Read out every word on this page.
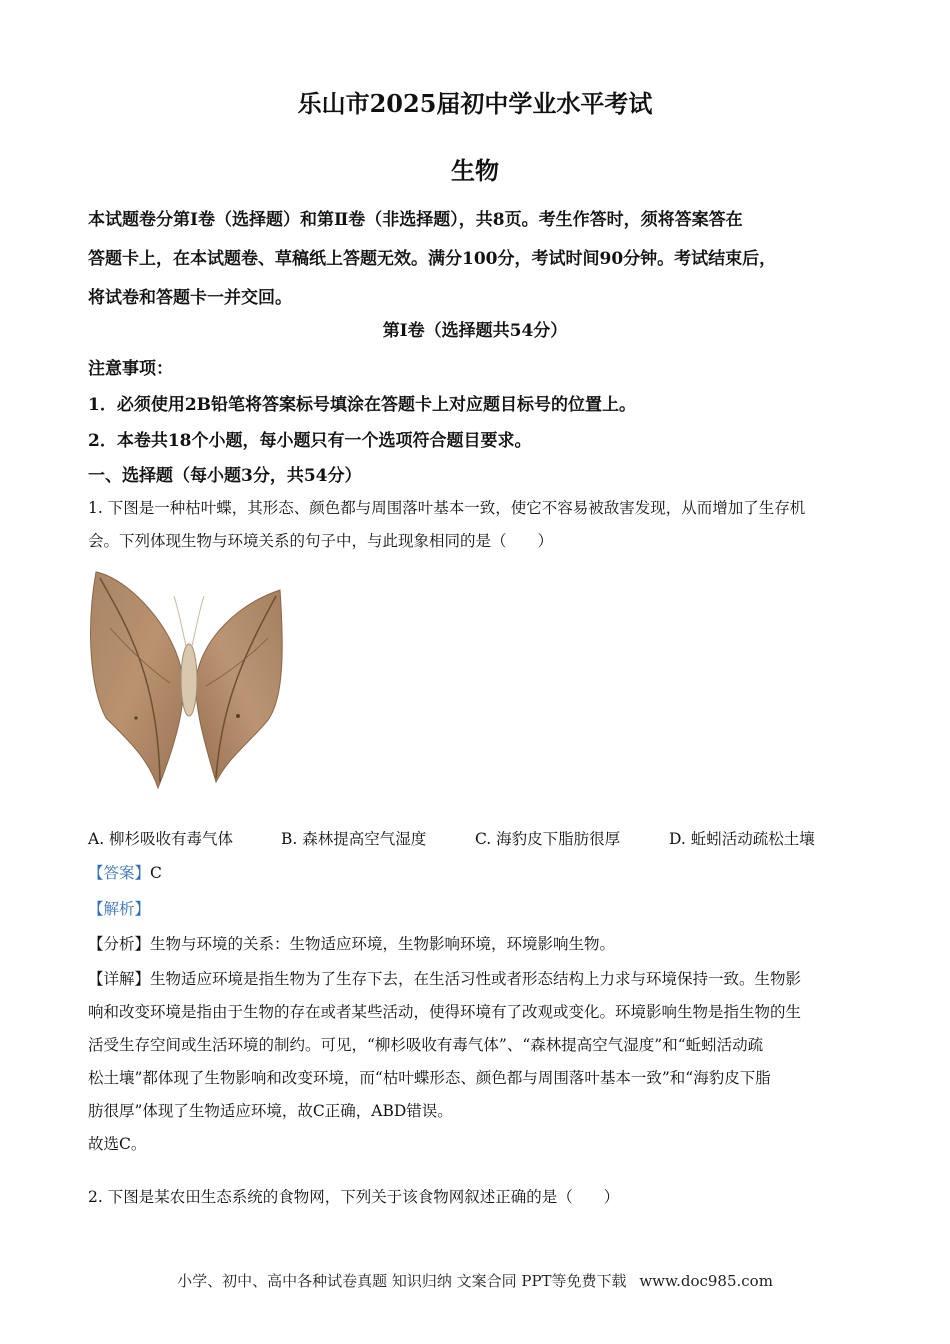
乐山市2025届初中学业水平考试
生物
本试题卷分第Ⅰ卷（选择题）和第Ⅱ卷（非选择题），共8页。考生作答时，须将答案答在
答题卡上，在本试题卷、草稿纸上答题无效。满分100分，考试时间90分钟。考试结束后，
将试卷和答题卡一并交回。
第Ⅰ卷（选择题共54分）
注意事项：
1．必须使用2B铅笔将答案标号填涂在答题卡上对应题目标号的位置上。
2．本卷共18个小题，每小题只有一个选项符合题目要求。
一、选择题（每小题3分，共54分）
1. 下图是一种枯叶蝶，其形态、颜色都与周围落叶基本一致，使它不容易被敌害发现，从而增加了生存机
会。下列体现生物与环境关系的句子中，与此现象相同的是（　　）
A. 柳杉吸收有毒气体	B. 森林提高空气湿度	C. 海豹皮下脂肪很厚	D. 蚯蚓活动疏松土壤
【答案】C
【解析】
【分析】生物与环境的关系：生物适应环境，生物影响环境，环境影响生物。
【详解】生物适应环境是指生物为了生存下去，在生活习性或者形态结构上力求与环境保持一致。生物影
响和改变环境是指由于生物的存在或者某些活动，使得环境有了改观或变化。环境影响生物是指生物的生
活受生存空间或生活环境的制约。可见，“柳杉吸收有毒气体”、“森林提高空气湿度”和“蚯蚓活动疏
松土壤”都体现了生物影响和改变环境，而“枯叶蝶形态、颜色都与周围落叶基本一致”和“海豹皮下脂
肪很厚”体现了生物适应环境，故C正确，ABD错误。
故选C。
2. 下图是某农田生态系统的食物网，下列关于该食物网叙述正确的是（　　）
小学、初中、高中各种试卷真题 知识归纳 文案合同 PPT等免费下载 www.doc985.com
